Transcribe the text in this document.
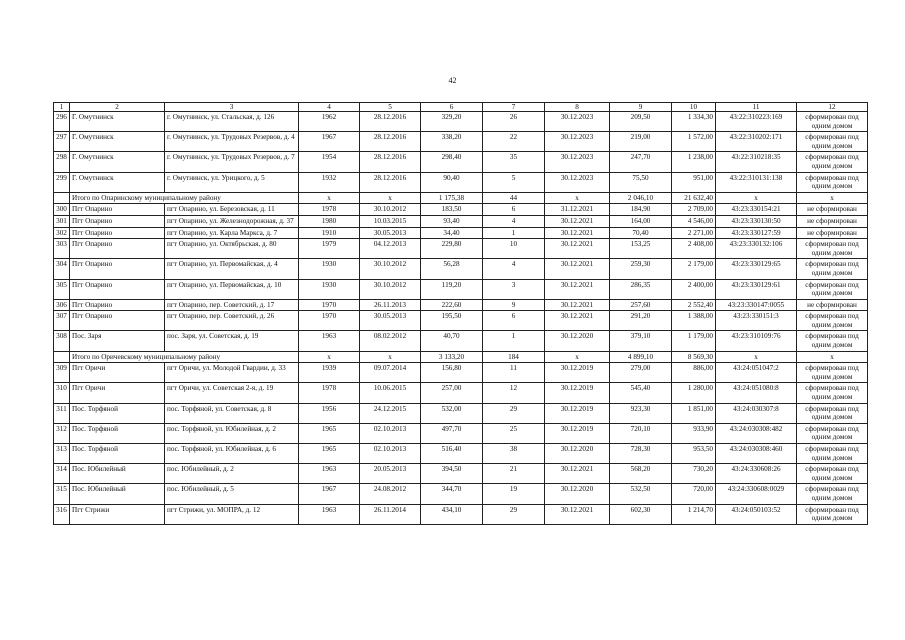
42
1	2	3	4	5	6	7	8	9	10	11	12
296	Г. Омутнинск	г. Омутнинск, ул. Стальская, д. 126	1962	28.12.2016	329,20	26	30.12.2023	209,50	1 334,30	43:22:310223:169	сформирован под одним домом
297	Г. Омутнинск	г. Омутнинск, ул. Трудовых Резервов, д. 4	1967	28.12.2016	338,20	22	30.12.2023	219,00	1 572,00	43:22:310202:171	сформирован под одним домом
298	Г. Омутнинск	г. Омутнинск, ул. Трудовых Резервов, д. 7	1954	28.12.2016	298,40	35	30.12.2023	247,70	1 238,00	43:22:310218:35	сформирован под одним домом
299	Г. Омутнинск	г. Омутнинск, ул. Урицкого, д. 5	1932	28.12.2016	90,40	5	30.12.2023	75,50	951,00	43:22:310131:138	сформирован под одним домом
	Итого по Опаринскому муниципальному району		х	х	1 175,38	44	х	2 046,10	21 632,40	х	х
300	Пгт Опарино	пгт Опарино, ул. Березовская, д. 11	1978	30.10.2012	183,50	6	31.12.2021	184,90	2 709,00	43:23:330154:21	не сформирован
301	Пгт Опарино	пгт Опарино, ул. Железнодорожная, д. 37	1980	10.03.2015	93,40	4	30.12.2021	164,00	4 546,00	43:23:330130:50	не сформирован
302	Пгт Опарино	пгт Опарино, ул. Карла Маркса, д. 7	1910	30.05.2013	34,40	1	30.12.2021	70,40	2 271,00	43:23:330127:59	не сформирован
303	Пгт Опарино	пгт Опарино, ул. Октябрьская, д. 80	1979	04.12.2013	229,80	10	30.12.2021	153,25	2 408,00	43:23:330132:106	сформирован под одним домом
304	Пгт Опарино	пгт Опарино, ул. Первомайская, д. 4	1930	30.10.2012	56,28	4	30.12.2021	259,30	2 179,00	43:23:330129:65	сформирован под одним домом
305	Пгт Опарино	пгт Опарино, ул. Первомайская, д. 10	1930	30.10.2012	119,20	3	30.12.2021	286,35	2 400,00	43:23:330129:61	сформирован под одним домом
306	Пгт Опарино	пгт Опарино, пер. Советский, д. 17	1970	26.11.2013	222,60	9	30.12.2021	257,60	2 552,40	43:23:330147:0055	не сформирован
307	Пгт Опарино	пгт Опарино, пер. Советский, д. 26	1970	30.05.2013	195,50	6	30.12.2021	291,20	1 388,00	43:23:330151:3	сформирован под одним домом
308	Пос. Заря	пос. Заря, ул. Советская, д. 19	1963	08.02.2012	40,70	1	30.12.2020	379,10	1 179,00	43:23:310109:76	сформирован под одним домом
	Итого по Оричевскому муниципальному району		х	х	3 133,20	184	х	4 899,10	8 569,30	х	х
309	Пгт Оричи	пгт Оричи, ул. Молодой Гвардии, д. 33	1939	09.07.2014	156,80	11	30.12.2019	279,00	886,00	43:24:051047:2	сформирован под одним домом
310	Пгт Оричи	пгт Оричи, ул. Советская 2-я, д. 19	1978	10.06.2015	257,00	12	30.12.2019	545,40	1 280,00	43:24:051080:8	сформирован под одним домом
311	Пос. Торфяной	пос. Торфяной, ул. Советская, д. 8	1956	24.12.2015	532,00	29	30.12.2019	923,30	1 851,00	43:24:030307:8	сформирован под одним домом
312	Пос. Торфяной	пос. Торфяной, ул. Юбилейная, д. 2	1965	02.10.2013	497,70	25	30.12.2019	720,10	933,90	43:24:030308:482	сформирован под одним домом
313	Пос. Торфяной	пос. Торфяной, ул. Юбилейная, д. 6	1965	02.10.2013	516,40	38	30.12.2020	728,30	953,50	43:24:030308:460	сформирован под одним домом
314	Пос. Юбилейный	пос. Юбилейный, д. 2	1963	20.05.2013	394,50	21	30.12.2021	568,20	730,20	43:24:330608:26	сформирован под одним домом
315	Пос. Юбилейный	пос. Юбилейный, д. 5	1967	24.08.2012	344,70	19	30.12.2020	532,50	720,00	43:24:330608:0029	сформирован под одним домом
316	Пгт Стрижи	пгт Стрижи, ул. МОПРА, д. 12	1963	26.11.2014	434,10	29	30.12.2021	602,30	1 214,70	43:24:050103:52	сформирован под одним домом
